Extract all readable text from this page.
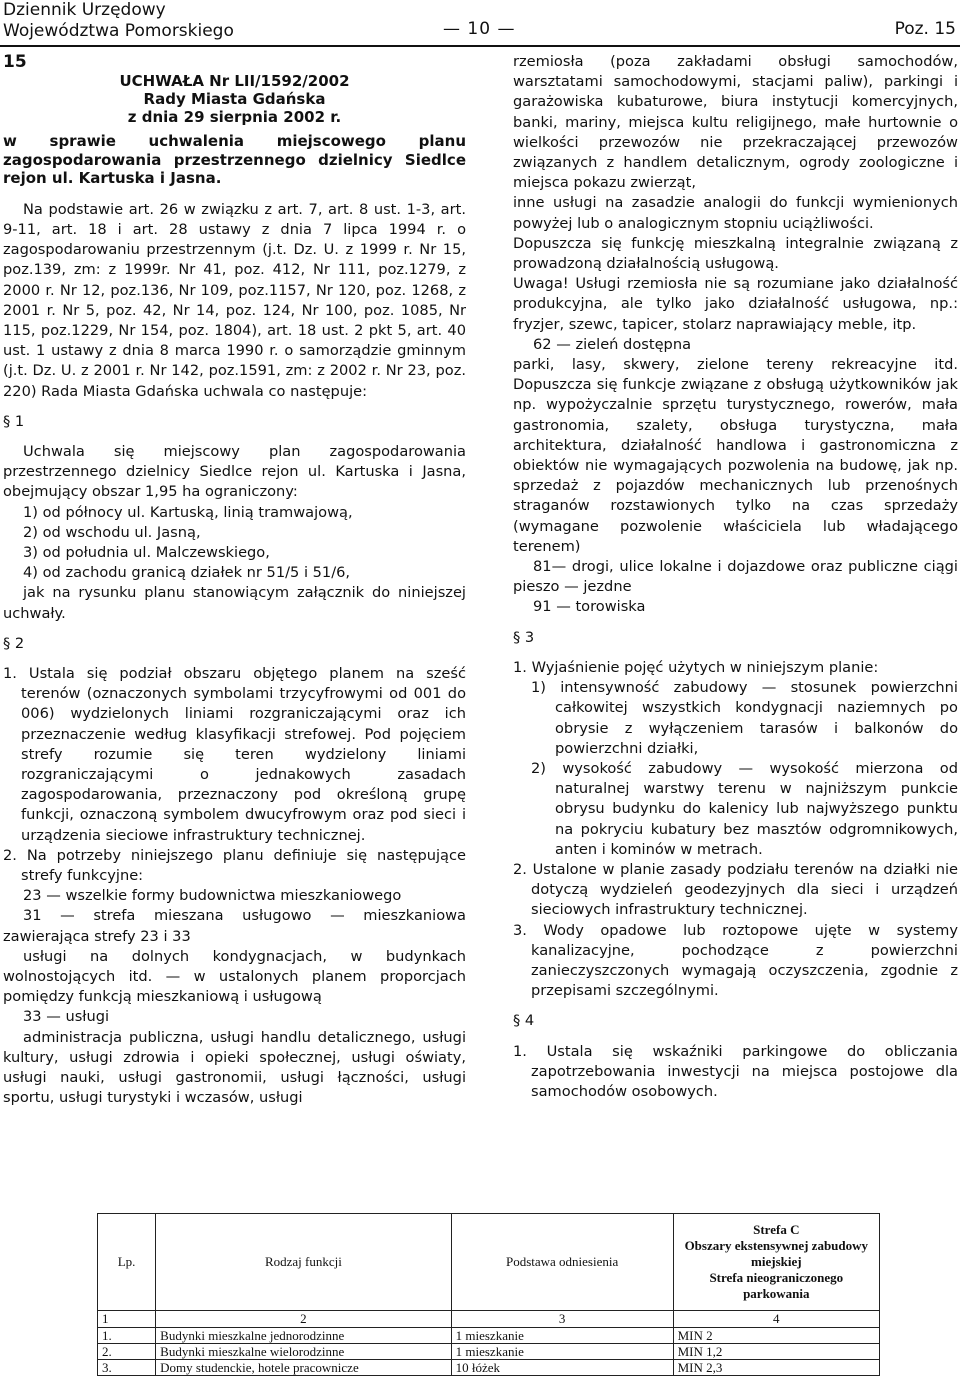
Dziennik Urzędowy
Województwa Pomorskiego	— 10 —	Poz. 15

15

UCHWAŁA Nr LII/1592/2002
Rady Miasta Gdańska
z dnia 29 sierpnia 2002 r.

w sprawie uchwalenia miejscowego planu zagospodarowania przestrzennego dzielnicy Siedlce rejon ul. Kartuska i Jasna.

Na podstawie art. 26 w związku z art. 7, art. 8 ust. 1-3, art. 9-11, art. 18 i art. 28 ustawy z dnia 7 lipca 1994 r. o zagospodarowaniu przestrzennym (j.t. Dz. U. z 1999 r. Nr 15, poz.139, zm: z 1999r. Nr 41, poz. 412, Nr 111, poz.1279, z 2000 r. Nr 12, poz.136, Nr 109, poz.1157, Nr 120, poz. 1268, z 2001 r. Nr 5, poz. 42, Nr 14, poz. 124, Nr 100, poz. 1085, Nr 115, poz.1229, Nr 154, poz. 1804), art. 18 ust. 2 pkt 5, art. 40 ust. 1 ustawy z dnia 8 marca 1990 r. o samorządzie gminnym (j.t. Dz. U. z 2001 r. Nr 142, poz.1591, zm: z 2002 r. Nr 23, poz. 220) Rada Miasta Gdańska uchwala co następuje:

§ 1

Uchwala się miejscowy plan zagospodarowania przestrzennego dzielnicy Siedlce rejon ul. Kartuska i Jasna, obejmujący obszar 1,95 ha ograniczony:

1) od północy ul. Kartuską, linią tramwajową,

2) od wschodu ul. Jasną,

3) od południa ul. Malczewskiego,

4) od zachodu granicą działek nr 51/5 i 51/6,

jak na rysunku planu stanowiącym załącznik do niniejszej uchwały.

§ 2

1. Ustala się podział obszaru objętego planem na sześć terenów (oznaczonych symbolami trzycyfrowymi od 001 do 006) wydzielonych liniami rozgraniczającymi oraz ich przeznaczenie według klasyfikacji strefowej. Pod pojęciem strefy rozumie się teren wydzielony liniami rozgraniczającymi o jednakowych zasadach zagospodarowania, przeznaczony pod określoną grupę funkcji, oznaczoną symbolem dwucyfrowym oraz pod sieci i urządzenia sieciowe infrastruktury technicznej.

2. Na potrzeby niniejszego planu definiuje się następujące strefy funkcyjne:

23 — wszelkie formy budownictwa mieszkaniowego

31 — strefa mieszana usługowo — mieszkaniowa zawierająca strefy 23 i 33

usługi na dolnych kondygnacjach, w budynkach wolnostojących itd. — w ustalonych planem proporcjach pomiędzy funkcją mieszkaniową i usługową

33 — usługi

administracja publiczna, usługi handlu detalicznego, usługi kultury, usługi zdrowia i opieki społecznej, usługi oświaty, usługi nauki, usługi gastronomii, usługi łączności, usługi sportu, usługi turystyki i wczasów, usługi

rzemiosła (poza zakładami obsługi samochodów, warsztatami samochodowymi, stacjami paliw), parkingi i garażowiska kubaturowe, biura instytucji komercyjnych, banki, mariny, miejsca kultu religijnego, małe hurtownie o wielkości przewozów nie przekraczającej przewozów związanych z handlem detalicznym, ogrody zoologiczne i miejsca pokazu zwierząt,

inne usługi na zasadzie analogii do funkcji wymienionych powyżej lub o analogicznym stopniu uciążliwości.

Dopuszcza się funkcję mieszkalną integralnie związaną z prowadzoną działalnością usługową.

Uwaga! Usługi rzemiosła nie są rozumiane jako działalność produkcyjna, ale tylko jako działalność usługowa, np.: fryzjer, szewc, tapicer, stolarz naprawiający meble, itp.

62 — zieleń dostępna

parki, lasy, skwery, zielone tereny rekreacyjne itd. Dopuszcza się funkcje związane z obsługą użytkowników jak np. wypożyczalnie sprzętu turystycznego, rowerów, mała gastronomia, szalety, obsługa turystyczna, mała architektura, działalność handlowa i gastronomiczna z obiektów nie wymagających pozwolenia na budowę, jak np. sprzedaż z pojazdów mechanicznych lub przenośnych straganów rozstawionych tylko na czas sprzedaży (wymagane pozwolenie właściciela lub władającego terenem)

81— drogi, ulice lokalne i dojazdowe oraz publiczne ciągi pieszo — jezdne

91 — torowiska

§ 3

1. Wyjaśnienie pojęć użytych w niniejszym planie:

1) intensywność zabudowy — stosunek powierzchni całkowitej wszystkich kondygnacji naziemnych po obrysie z wyłączeniem tarasów i balkonów do powierzchni działki,

2) wysokość zabudowy — wysokość mierzona od naturalnej warstwy terenu w najniższym punkcie obrysu budynku do kalenicy lub najwyższego punktu na pokryciu kubatury bez masztów odgromnikowych, anten i kominów w metrach.

2. Ustalone w planie zasady podziału terenów na działki nie dotyczą wydzieleń geodezyjnych dla sieci i urządzeń sieciowych infrastruktury technicznej.

3. Wody opadowe lub roztopowe ujęte w systemy kanalizacyjne, pochodzące z powierzchni zanieczyszczonych wymagają oczyszczenia, zgodnie z przepisami szczególnymi.

§ 4

1. Ustala się wskaźniki parkingowe do obliczania zapotrzebowania inwestycji na miejsca postojowe dla samochodów osobowych.

Lp.	Rodzaj funkcji	Podstawa odniesienia	Strefa C
Obszary ekstensywnej zabudowy miejskiej
Strefa nieograniczonego parkowania
1	2	3	4
1.	Budynki mieszkalne jednorodzinne	1 mieszkanie	MIN 2
2.	Budynki mieszkalne wielorodzinne	1 mieszkanie	MIN 1,2
3.	Domy studenckie, hotele pracownicze	10 łóżek	MIN 2,3
